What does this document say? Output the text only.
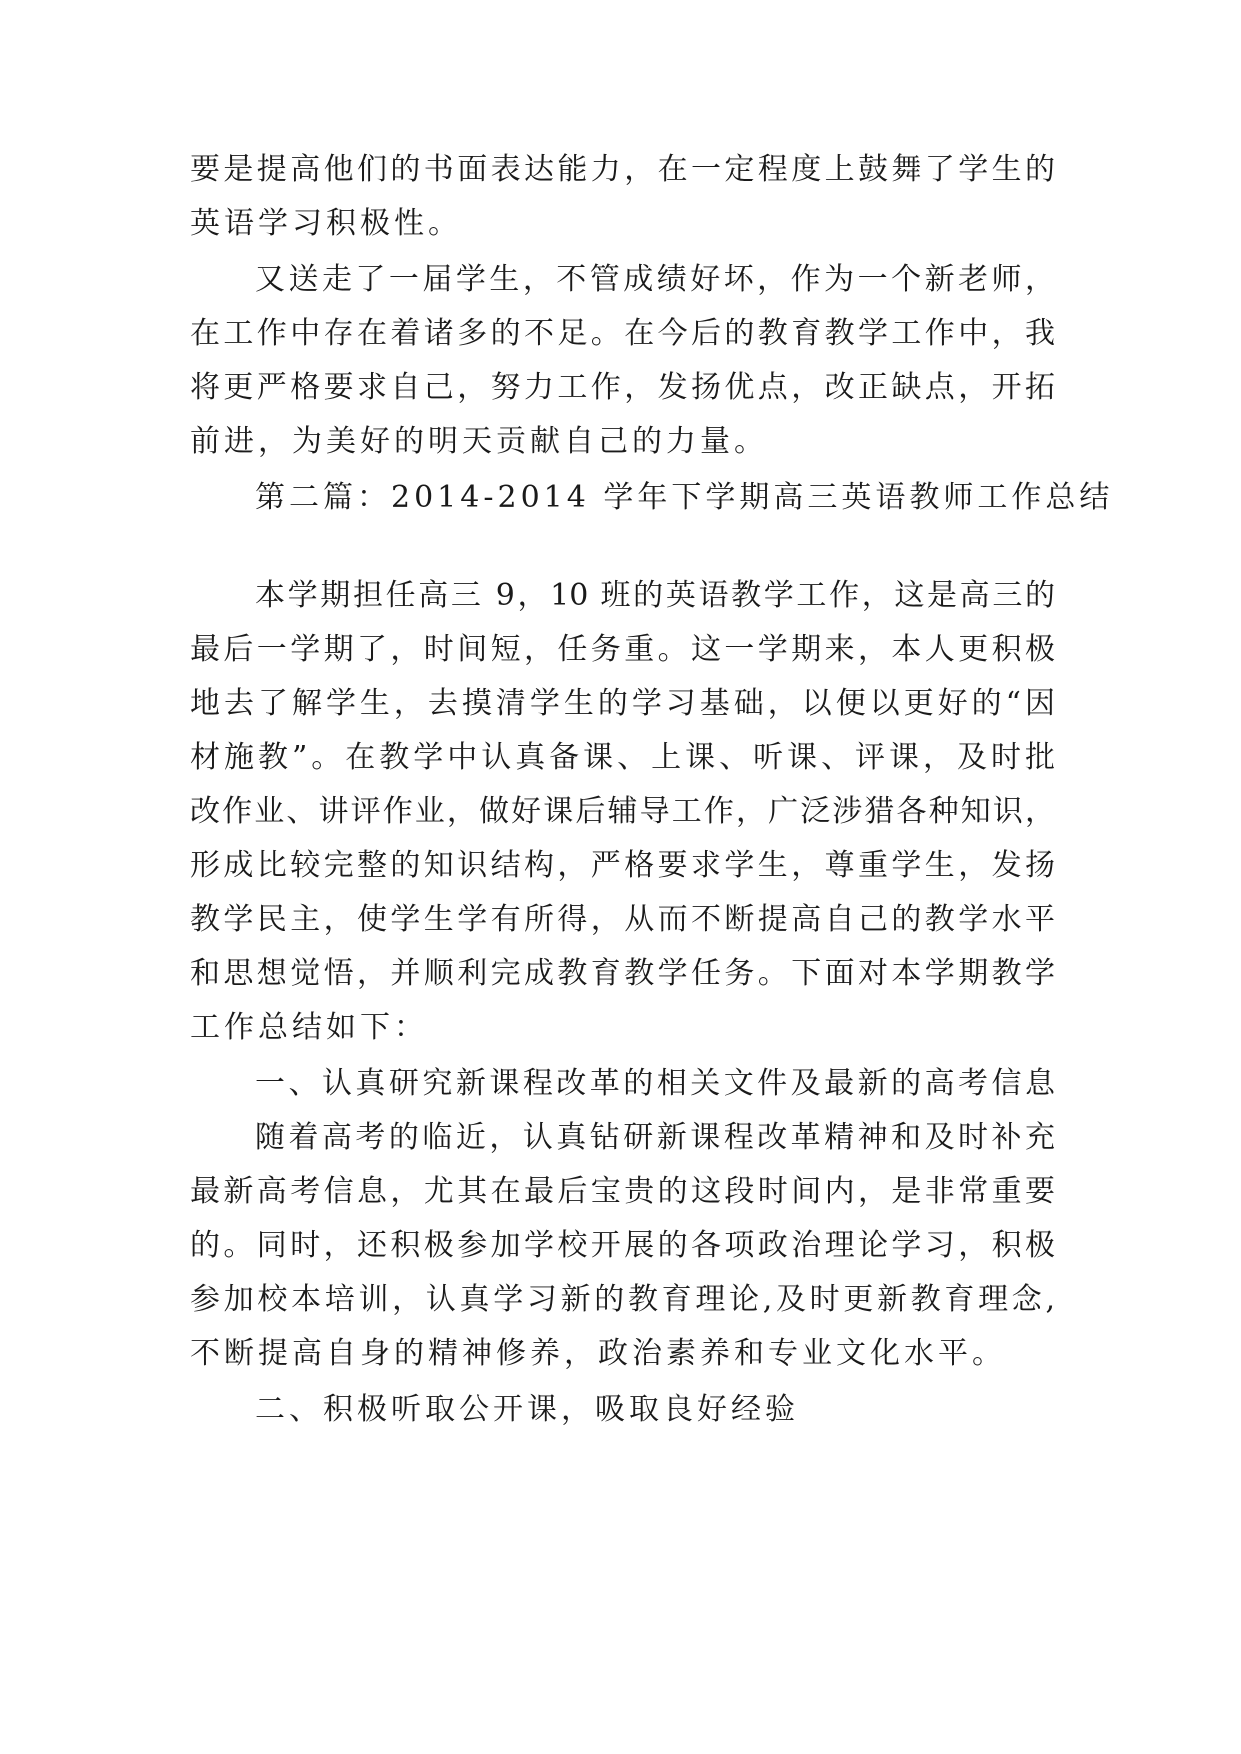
要是提高他们的书面表达能力，在一定程度上鼓舞了学生的
英语学习积极性。
又送走了一届学生，不管成绩好坏，作为一个新老师，
在工作中存在着诸多的不足。在今后的教育教学工作中，我
将更严格要求自己，努力工作，发扬优点，改正缺点，开拓
前进，为美好的明天贡献自己的力量。
第二篇：2014-2014 学年下学期高三英语教师工作总结
本学期担任高三 9，10 班的英语教学工作，这是高三的
最后一学期了，时间短，任务重。这一学期来，本人更积极
地去了解学生，去摸清学生的学习基础，以便以更好的“因
材施教”。在教学中认真备课、上课、听课、评课，及时批
改作业、讲评作业，做好课后辅导工作，广泛涉猎各种知识，
形成比较完整的知识结构，严格要求学生，尊重学生，发扬
教学民主，使学生学有所得，从而不断提高自己的教学水平
和思想觉悟，并顺利完成教育教学任务。下面对本学期教学
工作总结如下：
一、认真研究新课程改革的相关文件及最新的高考信息
随着高考的临近，认真钻研新课程改革精神和及时补充
最新高考信息，尤其在最后宝贵的这段时间内，是非常重要
的。同时，还积极参加学校开展的各项政治理论学习，积极
参加校本培训，认真学习新的教育理论,及时更新教育理念,
不断提高自身的精神修养，政治素养和专业文化水平。
二、积极听取公开课，吸取良好经验
